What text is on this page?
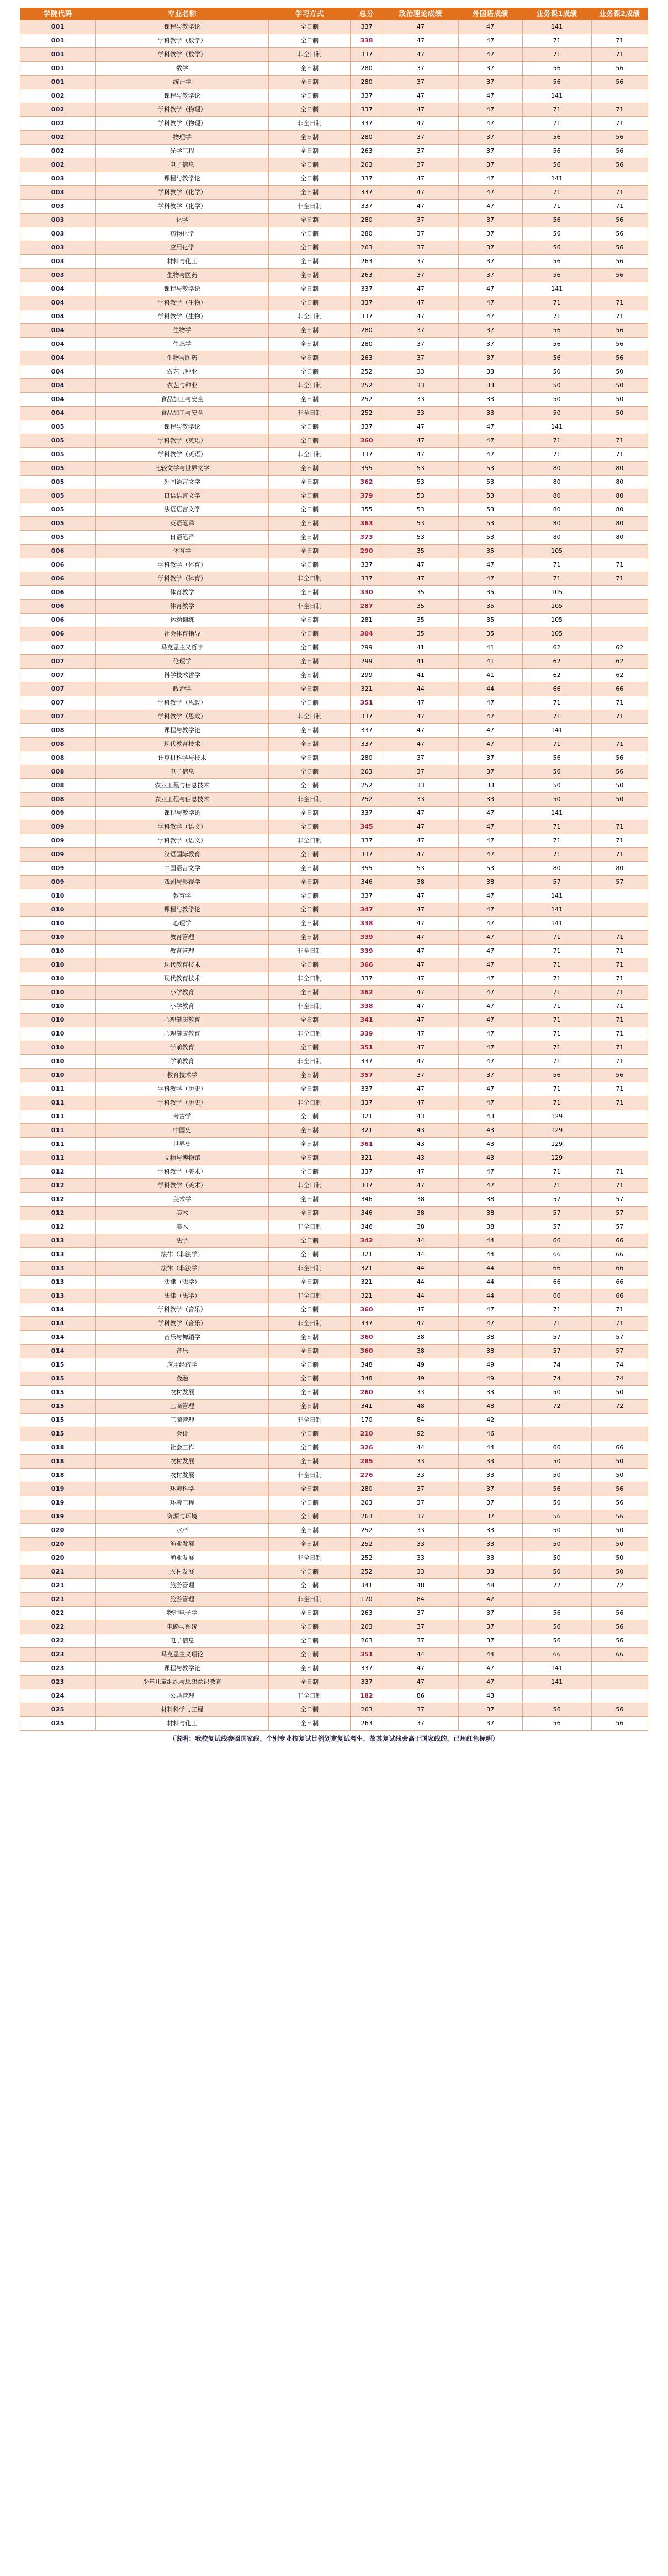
学院代码	专业名称	学习方式	总分	政治理论成绩	外国语成绩	业务课1成绩	业务课2成绩
001	课程与教学论	全日制	337	47	47	141	
001	学科教学（数学）	全日制	338	47	47	71	71
001	学科教学（数学）	非全日制	337	47	47	71	71
001	数学	全日制	280	37	37	56	56
001	统计学	全日制	280	37	37	56	56
002	课程与教学论	全日制	337	47	47	141	
002	学科教学（物理）	全日制	337	47	47	71	71
002	学科教学（物理）	非全日制	337	47	47	71	71
002	物理学	全日制	280	37	37	56	56
002	光学工程	全日制	263	37	37	56	56
002	电子信息	全日制	263	37	37	56	56
003	课程与教学论	全日制	337	47	47	141	
003	学科教学（化学）	全日制	337	47	47	71	71
003	学科教学（化学）	非全日制	337	47	47	71	71
003	化学	全日制	280	37	37	56	56
003	药物化学	全日制	280	37	37	56	56
003	应用化学	全日制	263	37	37	56	56
003	材料与化工	全日制	263	37	37	56	56
003	生物与医药	全日制	263	37	37	56	56
004	课程与教学论	全日制	337	47	47	141	
004	学科教学（生物）	全日制	337	47	47	71	71
004	学科教学（生物）	非全日制	337	47	47	71	71
004	生物学	全日制	280	37	37	56	56
004	生态学	全日制	280	37	37	56	56
004	生物与医药	全日制	263	37	37	56	56
004	农艺与种业	全日制	252	33	33	50	50
004	农艺与种业	非全日制	252	33	33	50	50
004	食品加工与安全	全日制	252	33	33	50	50
004	食品加工与安全	非全日制	252	33	33	50	50
005	课程与教学论	全日制	337	47	47	141	
005	学科教学（英语）	全日制	360	47	47	71	71
005	学科教学（英语）	非全日制	337	47	47	71	71
005	比较文学与世界文学	全日制	355	53	53	80	80
005	外国语言文学	全日制	362	53	53	80	80
005	日语语言文学	全日制	379	53	53	80	80
005	法语语言文学	全日制	355	53	53	80	80
005	英语笔译	全日制	363	53	53	80	80
005	日语笔译	全日制	373	53	53	80	80
006	体育学	全日制	290	35	35	105	
006	学科教学（体育）	全日制	337	47	47	71	71
006	学科教学（体育）	非全日制	337	47	47	71	71
006	体育教学	全日制	330	35	35	105	
006	体育教学	非全日制	287	35	35	105	
006	运动训练	全日制	281	35	35	105	
006	社会体育指导	全日制	304	35	35	105	
007	马克思主义哲学	全日制	299	41	41	62	62
007	伦理学	全日制	299	41	41	62	62
007	科学技术哲学	全日制	299	41	41	62	62
007	政治学	全日制	321	44	44	66	66
007	学科教学（思政）	全日制	351	47	47	71	71
007	学科教学（思政）	非全日制	337	47	47	71	71
008	课程与教学论	全日制	337	47	47	141	
008	现代教育技术	全日制	337	47	47	71	71
008	计算机科学与技术	全日制	280	37	37	56	56
008	电子信息	全日制	263	37	37	56	56
008	农业工程与信息技术	全日制	252	33	33	50	50
008	农业工程与信息技术	非全日制	252	33	33	50	50
009	课程与教学论	全日制	337	47	47	141	
009	学科教学（语文）	全日制	345	47	47	71	71
009	学科教学（语文）	非全日制	337	47	47	71	71
009	汉语国际教育	全日制	337	47	47	71	71
009	中国语言文学	全日制	355	53	53	80	80
009	戏剧与影视学	全日制	346	38	38	57	57
010	教育学	全日制	337	47	47	141	
010	课程与教学论	全日制	347	47	47	141	
010	心理学	全日制	338	47	47	141	
010	教育管理	全日制	339	47	47	71	71
010	教育管理	非全日制	339	47	47	71	71
010	现代教育技术	全日制	366	47	47	71	71
010	现代教育技术	非全日制	337	47	47	71	71
010	小学教育	全日制	362	47	47	71	71
010	小学教育	非全日制	338	47	47	71	71
010	心理健康教育	全日制	341	47	47	71	71
010	心理健康教育	非全日制	339	47	47	71	71
010	学前教育	全日制	351	47	47	71	71
010	学前教育	非全日制	337	47	47	71	71
010	教育技术学	全日制	357	37	37	56	56
011	学科教学（历史）	全日制	337	47	47	71	71
011	学科教学（历史）	非全日制	337	47	47	71	71
011	考古学	全日制	321	43	43	129	
011	中国史	全日制	321	43	43	129	
011	世界史	全日制	361	43	43	129	
011	文物与博物馆	全日制	321	43	43	129	
012	学科教学（美术）	全日制	337	47	47	71	71
012	学科教学（美术）	非全日制	337	47	47	71	71
012	美术学	全日制	346	38	38	57	57
012	美术	全日制	346	38	38	57	57
012	美术	非全日制	346	38	38	57	57
013	法学	全日制	342	44	44	66	66
013	法律（非法学）	全日制	321	44	44	66	66
013	法律（非法学）	非全日制	321	44	44	66	66
013	法律（法学）	全日制	321	44	44	66	66
013	法律（法学）	非全日制	321	44	44	66	66
014	学科教学（音乐）	全日制	360	47	47	71	71
014	学科教学（音乐）	非全日制	337	47	47	71	71
014	音乐与舞蹈学	全日制	360	38	38	57	57
014	音乐	全日制	360	38	38	57	57
015	应用经济学	全日制	348	49	49	74	74
015	金融	全日制	348	49	49	74	74
015	农村发展	全日制	260	33	33	50	50
015	工商管理	全日制	341	48	48	72	72
015	工商管理	非全日制	170	84	42		
015	会计	全日制	210	92	46		
018	社会工作	全日制	326	44	44	66	66
018	农村发展	全日制	285	33	33	50	50
018	农村发展	非全日制	276	33	33	50	50
019	环境科学	全日制	280	37	37	56	56
019	环境工程	全日制	263	37	37	56	56
019	资源与环境	全日制	263	37	37	56	56
020	水产	全日制	252	33	33	50	50
020	渔业发展	全日制	252	33	33	50	50
020	渔业发展	非全日制	252	33	33	50	50
021	农村发展	全日制	252	33	33	50	50
021	旅游管理	全日制	341	48	48	72	72
021	旅游管理	非全日制	170	84	42		
022	物理电子学	全日制	263	37	37	56	56
022	电路与系统	全日制	263	37	37	56	56
022	电子信息	全日制	263	37	37	56	56
023	马克思主义理论	全日制	351	44	44	66	66
023	课程与教学论	全日制	337	47	47	141	
023	少年儿童组织与思想意识教育	全日制	337	47	47	141	
024	公共管理	非全日制	182	86	43		
025	材料科学与工程	全日制	263	37	37	56	56
025	材料与化工	全日制	263	37	37	56	56
（说明：我校复试线参照国家线，个别专业按复试比例划定复试考生，故其复试线会高于国家线的，已用红色标明）
